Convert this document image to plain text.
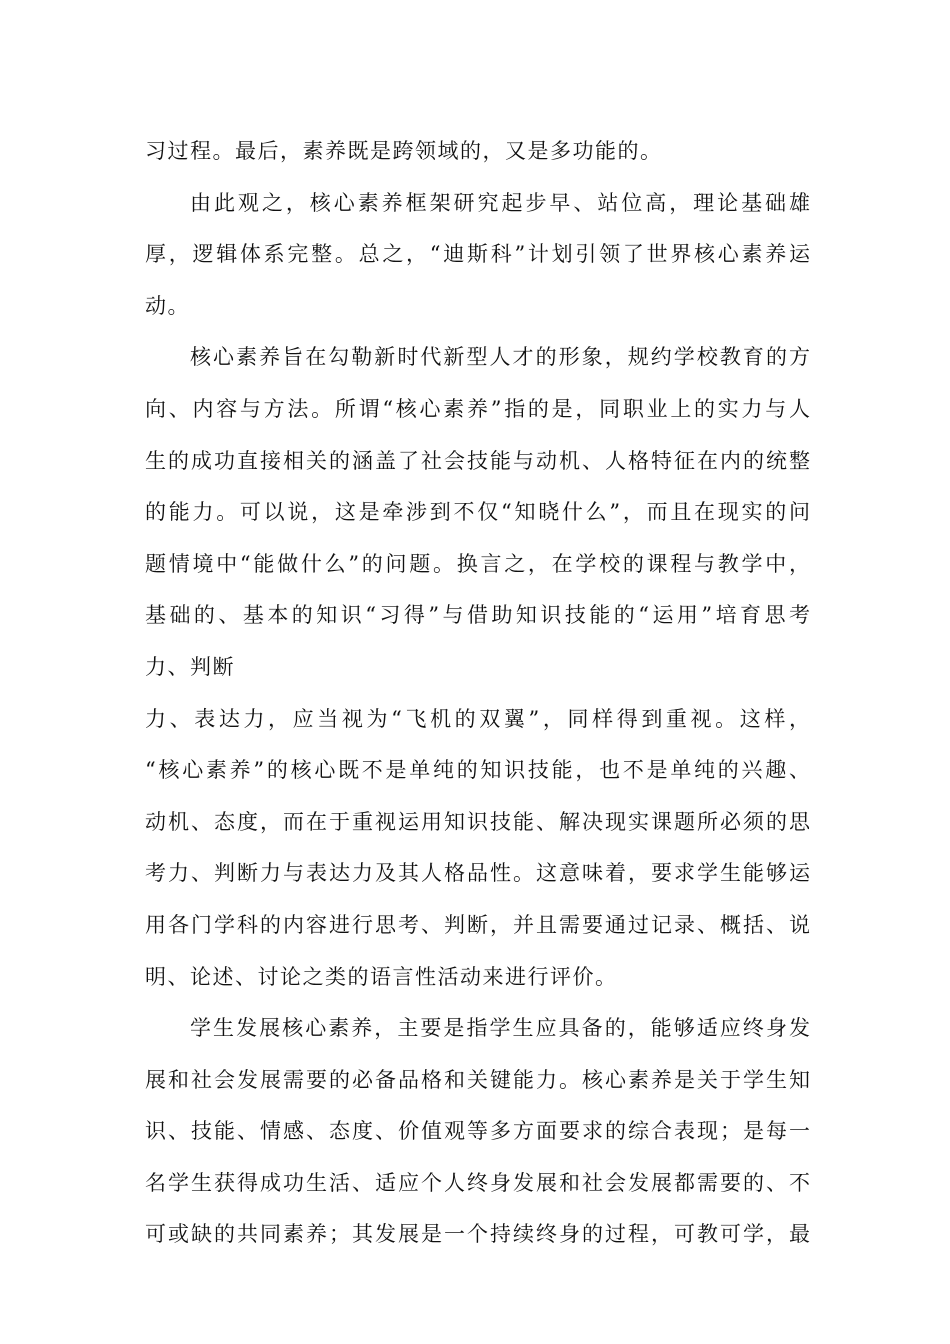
习过程。最后，素养既是跨领域的，又是多功能的。
由此观之，核心素养框架研究起步早、站位高，理论基础雄
厚，逻辑体系完整。总之，“迪斯科”计划引领了世界核心素养运
动。
核心素养旨在勾勒新时代新型人才的形象，规约学校教育的方
向、内容与方法。所谓“核心素养”指的是，同职业上的实力与人
生的成功直接相关的涵盖了社会技能与动机、人格特征在内的统整
的能力。可以说，这是牵涉到不仅“知晓什么”，而且在现实的问
题情境中“能做什么”的问题。换言之，在学校的课程与教学中，
基础的、基本的知识“习得”与借助知识技能的“运用”培育思考
力、判断
力、表达力，应当视为“飞机的双翼”，同样得到重视。这样，
“核心素养”的核心既不是单纯的知识技能，也不是单纯的兴趣、
动机、态度，而在于重视运用知识技能、解决现实课题所必须的思
考力、判断力与表达力及其人格品性。这意味着，要求学生能够运
用各门学科的内容进行思考、判断，并且需要通过记录、概括、说
明、论述、讨论之类的语言性活动来进行评价。
学生发展核心素养，主要是指学生应具备的，能够适应终身发
展和社会发展需要的必备品格和关键能力。核心素养是关于学生知
识、技能、情感、态度、价值观等多方面要求的综合表现；是每一
名学生获得成功生活、适应个人终身发展和社会发展都需要的、不
可或缺的共同素养；其发展是一个持续终身的过程，可教可学，最
